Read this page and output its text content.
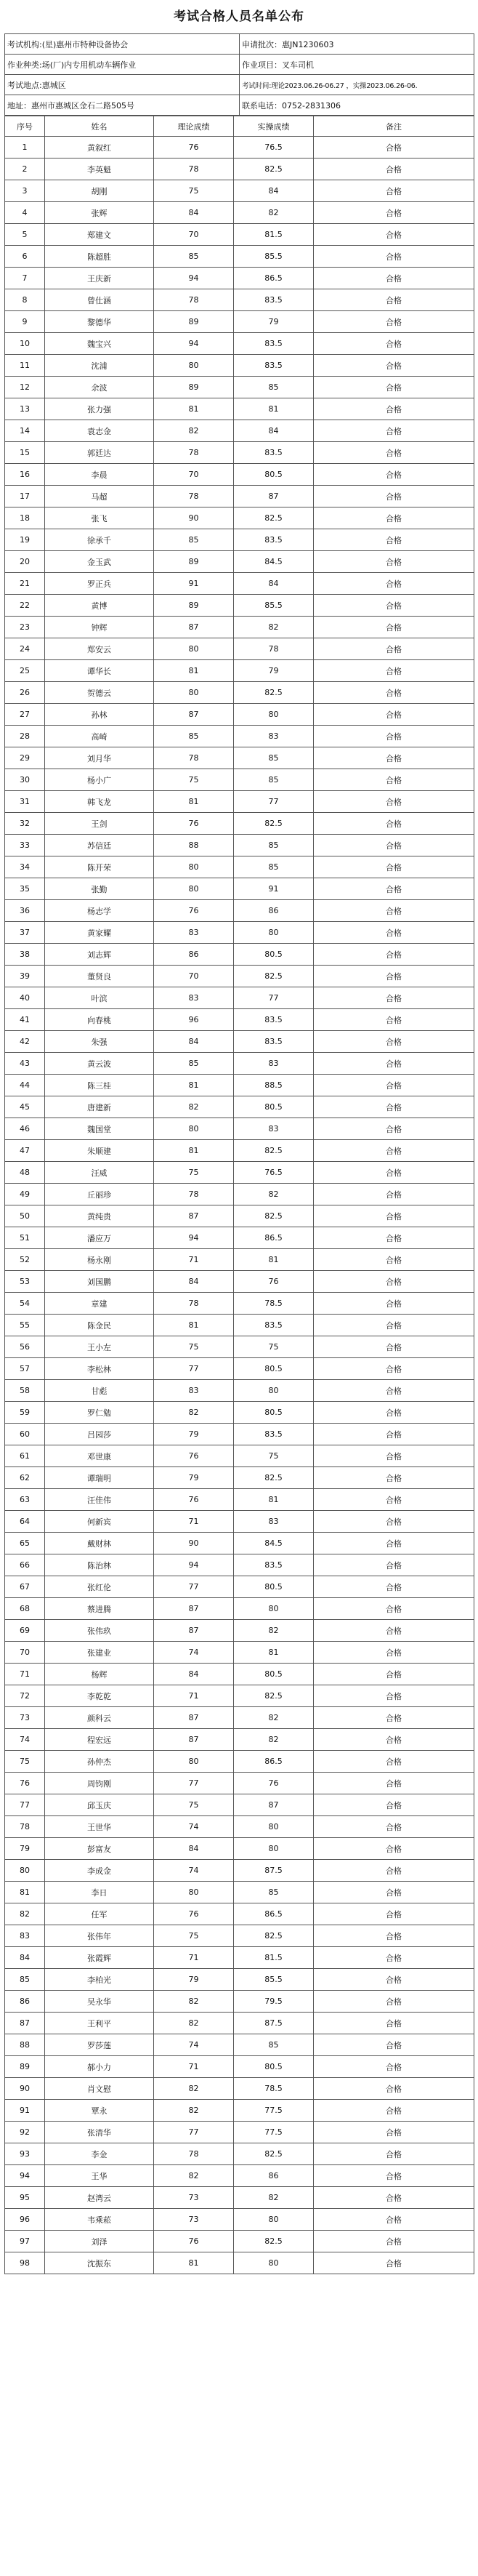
考试合格人员名单公布
考试机构:(星)惠州市特种设备协会	申请批次：惠JN1230603
作业种类:场(厂)内专用机动车辆作业	作业项目：叉车司机
考试地点:惠城区	考试时间:理论2023.06.26-06.27 ，实操2023.06.26-06.
地址：惠州市惠城区金石二路505号	联系电话：0752-2831306
序号	姓名	理论成绩	实操成绩	备注
1	黄叙红	76	76.5	合格
2	李英魁	78	82.5	合格
3	胡刚	75	84	合格
4	张辉	84	82	合格
5	郑建文	70	81.5	合格
6	陈超胜	85	85.5	合格
7	王庆新	94	86.5	合格
8	曾仕涵	78	83.5	合格
9	黎德华	89	79	合格
10	魏宝兴	94	83.5	合格
11	沈浦	80	83.5	合格
12	余波	89	85	合格
13	张力强	81	81	合格
14	袁志金	82	84	合格
15	郭廷达	78	83.5	合格
16	李晨	70	80.5	合格
17	马超	78	87	合格
18	张飞	90	82.5	合格
19	徐承千	85	83.5	合格
20	金玉武	89	84.5	合格
21	罗正兵	91	84	合格
22	黄博	89	85.5	合格
23	钟辉	87	82	合格
24	郑安云	80	78	合格
25	谭华长	81	79	合格
26	贺德云	80	82.5	合格
27	孙林	87	80	合格
28	高崎	85	83	合格
29	刘月华	78	85	合格
30	杨小广	75	85	合格
31	韩飞龙	81	77	合格
32	王剑	76	82.5	合格
33	苏信廷	88	85	合格
34	陈开荣	80	85	合格
35	张勤	80	91	合格
36	杨志学	76	86	合格
37	黄家耀	83	80	合格
38	刘志辉	86	80.5	合格
39	董贤良	70	82.5	合格
40	叶滨	83	77	合格
41	向春桃	96	83.5	合格
42	朱强	84	83.5	合格
43	黄云波	85	83	合格
44	陈三桂	81	88.5	合格
45	唐建新	82	80.5	合格
46	魏国堂	80	83	合格
47	朱顺建	81	82.5	合格
48	汪威	75	76.5	合格
49	丘丽珍	78	82	合格
50	黄纯贵	87	82.5	合格
51	潘应万	94	86.5	合格
52	杨永刚	71	81	合格
53	刘国鹏	84	76	合格
54	章建	78	78.5	合格
55	陈金民	81	83.5	合格
56	王小左	75	75	合格
57	李松林	77	80.5	合格
58	甘彪	83	80	合格
59	罗仁勉	82	80.5	合格
60	吕园莎	79	83.5	合格
61	邓世康	76	75	合格
62	谭瑞明	79	82.5	合格
63	汪佳伟	76	81	合格
64	何新宾	71	83	合格
65	戴财林	90	84.5	合格
66	陈治林	94	83.5	合格
67	张红伦	77	80.5	合格
68	蔡进腾	87	80	合格
69	张伟玖	87	82	合格
70	张建业	74	81	合格
71	杨辉	84	80.5	合格
72	李乾乾	71	82.5	合格
73	颜科云	87	82	合格
74	程宏远	87	82	合格
75	孙仲杰	80	86.5	合格
76	周钧刚	77	76	合格
77	邱玉庆	75	87	合格
78	王世华	74	80	合格
79	彭富友	84	80	合格
80	李成金	74	87.5	合格
81	李日	80	85	合格
82	任军	76	86.5	合格
83	张伟年	75	82.5	合格
84	张霞辉	71	81.5	合格
85	李柏光	79	85.5	合格
86	吴永华	82	79.5	合格
87	王利平	82	87.5	合格
88	罗莎莲	74	85	合格
89	郝小力	71	80.5	合格
90	肖文慰	82	78.5	合格
91	覃永	82	77.5	合格
92	张清华	77	77.5	合格
93	李金	78	82.5	合格
94	王华	82	86	合格
95	赵湾云	73	82	合格
96	韦乘菘	73	80	合格
97	刘泽	76	82.5	合格
98	沈振东	81	80	合格
